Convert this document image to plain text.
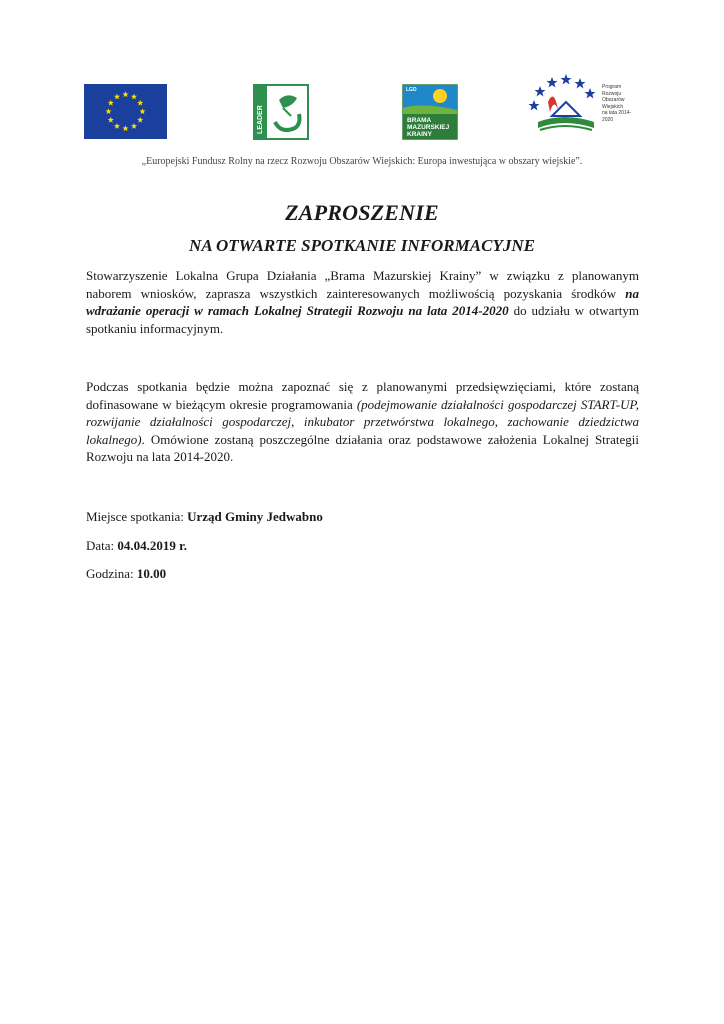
LEADER
LGD
BRAMA
MAZURSKIEJ
KRAINY
Program
Rozwoju
Obszarów
Wiejskich
na lata 2014-2020
„Europejski Fundusz Rolny na rzecz Rozwoju Obszarów Wiejskich: Europa inwestująca w obszary wiejskie”.
ZAPROSZENIE
NA OTWARTE SPOTKANIE INFORMACYJNE

Stowarzyszenie Lokalna Grupa Działania „Brama Mazurskiej Krainy” w związku z planowanym naborem wniosków, zaprasza wszystkich zainteresowanych możliwością pozyskania środków na wdrażanie operacji w ramach Lokalnej Strategii Rozwoju na lata 2014-2020 do udziału w otwartym spotkaniu informacyjnym.

Podczas spotkania będzie można zapoznać się z planowanymi przedsięwzięciami, które zostaną dofinasowane w bieżącym okresie programowania (podejmowanie działalności gospodarczej START-UP, rozwijanie działalności gospodarczej, inkubator przetwórstwa lokalnego, zachowanie dziedzictwa lokalnego). Omówione zostaną poszczególne działania oraz podstawowe założenia Lokalnej Strategii Rozwoju na lata 2014-2020.

Miejsce spotkania: Urząd Gminy Jedwabno

Data: 04.04.2019 r.

Godzina: 10.00
